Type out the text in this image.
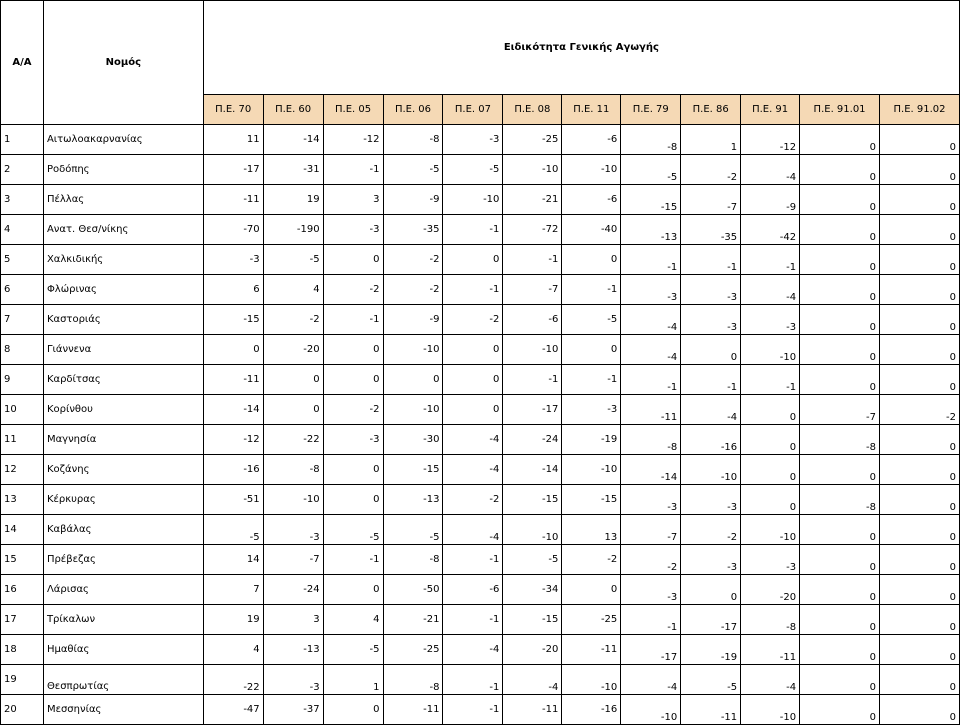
Α/Α	Νομός	Ειδικότητα Γενικής Αγωγής											
		Π.Ε. 70	Π.Ε. 60	Π.Ε. 05	Π.Ε. 06	Π.Ε. 07	Π.Ε. 08	Π.Ε. 11	Π.Ε. 79	Π.Ε. 86	Π.Ε. 91	Π.Ε. 91.01	Π.Ε. 91.02
1	Αιτωλοακαρνανίας	11	-14	-12	-8	-3	-25	-6	-8	1	-12	0	0
2	Ροδόπης	-17	-31	-1	-5	-5	-10	-10	-5	-2	-4	0	0
3	Πέλλας	-11	19	3	-9	-10	-21	-6	-15	-7	-9	0	0
4	Ανατ. Θεσ/νίκης	-70	-190	-3	-35	-1	-72	-40	-13	-35	-42	0	0
5	Χαλκιδικής	-3	-5	0	-2	0	-1	0	-1	-1	-1	0	0
6	Φλώρινας	6	4	-2	-2	-1	-7	-1	-3	-3	-4	0	0
7	Καστοριάς	-15	-2	-1	-9	-2	-6	-5	-4	-3	-3	0	0
8	Γιάννενα	0	-20	0	-10	0	-10	0	-4	0	-10	0	0
9	Καρδίτσας	-11	0	0	0	0	-1	-1	-1	-1	-1	0	0
10	Κορίνθου	-14	0	-2	-10	0	-17	-3	-11	-4	0	-7	-2
11	Μαγνησία	-12	-22	-3	-30	-4	-24	-19	-8	-16	0	-8	0
12	Κοζάνης	-16	-8	0	-15	-4	-14	-10	-14	-10	0	0	0
13	Κέρκυρας	-51	-10	0	-13	-2	-15	-15	-3	-3	0	-8	0
14	Καβάλας	-5	-3	-5	-5	-4	-10	13	-7	-2	-10	0	0
15	Πρέβεζας	14	-7	-1	-8	-1	-5	-2	-2	-3	-3	0	0
16	Λάρισας	7	-24	0	-50	-6	-34	0	-3	0	-20	0	0
17	Τρίκαλων	19	3	4	-21	-1	-15	-25	-1	-17	-8	0	0
18	Ημαθίας	4	-13	-5	-25	-4	-20	-11	-17	-19	-11	0	0
19	Θεσπρωτίας	-22	-3	1	-8	-1	-4	-10	-4	-5	-4	0	0
20	Μεσσηνίας	-47	-37	0	-11	-1	-11	-16	-10	-11	-10	0	0
